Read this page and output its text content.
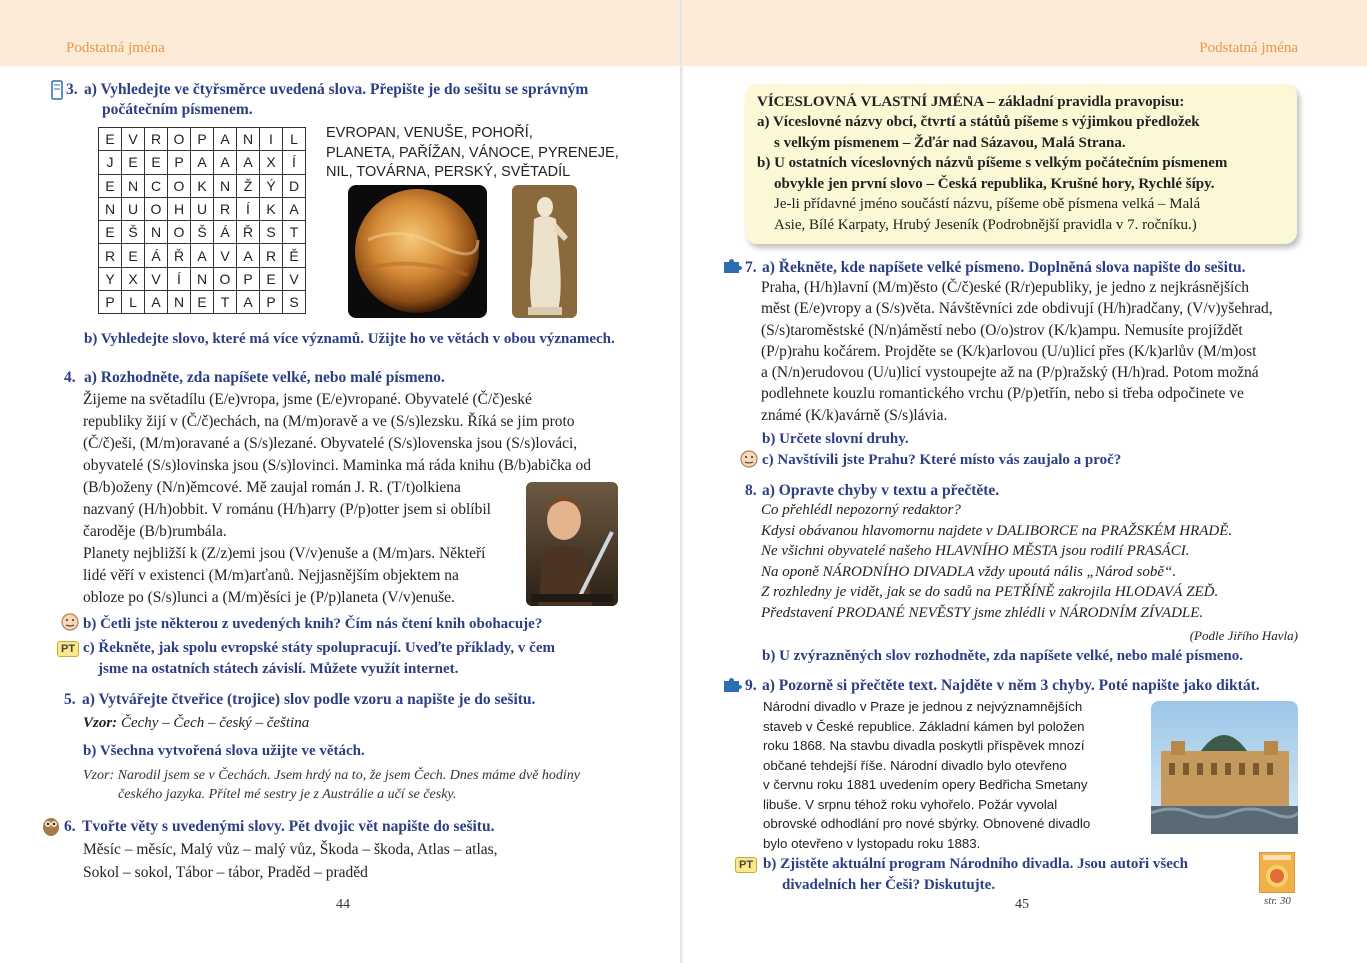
Podstatná jména	Podstatná jména
3. a) Vyhledejte ve čtyřsměrce uvedená slova. Přepište je do sešitu se správným
počátečním písmenem.
E	V	R	O	P	A	N	I	L
J	E	E	P	A	A	A	X	Í
E	N	C	O	K	N	Ž	Ý	D
N	U	O	H	U	R	Í	K	A
E	Š	N	O	Š	Á	Ř	S	T
R	E	Á	Ř	A	V	A	R	Ě
Y	X	V	Í	N	O	P	E	V
P	L	A	N	E	T	A	P	S
EVROPAN, VENUŠE, POHOŘÍ,
PLANETA, PAŘÍŽAN, VÁNOCE, PYRENEJE,
NIL, TOVÁRNA, PERSKÝ, SVĚTADÍL
b) Vyhledejte slovo, které má více významů. Užijte ho ve větách v obou významech.
4. a) Rozhodněte, zda napíšete velké, nebo malé písmeno.
Žijeme na světadílu (E/e)vropa, jsme (E/e)vropané. Obyvatelé (Č/č)eské
republiky žijí v (Č/č)echách, na (M/m)oravě a ve (S/s)lezsku. Říká se jim proto
(Č/č)eši, (M/m)oravané a (S/s)lezané. Obyvatelé (S/s)lovenska jsou (S/s)lováci,
obyvatelé (S/s)lovinska jsou (S/s)lovinci. Maminka má ráda knihu (B/b)abička od
(B/b)oženy (N/n)ěmcové. Mě zaujal román J. R. (T/t)olkiena
nazvaný (H/h)obbit. V románu (H/h)arry (P/p)otter jsem si oblíbil
čaroděje (B/b)rumbála.
Planety nejbližší k (Z/z)emi jsou (V/v)enuše a (M/m)ars. Někteří
lidé věří v existenci (M/m)arťanů. Nejjasnějším objektem na
obloze po (S/s)lunci a (M/m)ěsíci je (P/p)laneta (V/v)enuše.
b) Četli jste některou z uvedených knih? Čím nás čtení knih obohacuje?
PT c) Řekněte, jak spolu evropské státy spolupracují. Uveďte příklady, v čem
jsme na ostatních státech závislí. Můžete využít internet.
5. a) Vytvářejte čtveřice (trojice) slov podle vzoru a napište je do sešitu.
Vzor: Čechy – Čech – český – čeština
b) Všechna vytvořená slova užijte ve větách.
Vzor: Narodil jsem se v Čechách. Jsem hrdý na to, že jsem Čech. Dnes máme dvě hodiny
českého jazyka. Přítel mé sestry je z Austrálie a učí se česky.
6. Tvořte věty s uvedenými slovy. Pět dvojic vět napište do sešitu.
Měsíc – měsíc, Malý vůz – malý vůz, Škoda – škoda, Atlas – atlas,
Sokol – sokol, Tábor – tábor, Praděd – praděd
44
VÍCESLOVNÁ VLASTNÍ JMÉNA – základní pravidla pravopisu:
a) Víceslovné názvy obcí, čtvrtí a státůů píšeme s výjimkou předložek
s velkým písmenem – Žďár nad Sázavou, Malá Strana.
b) U ostatních víceslovných názvů píšeme s velkým počátečním písmenem
obvykle jen první slovo – Česká republika, Krušné hory, Rychlé šípy.
Je-li přídavné jméno součástí názvu, píšeme obě písmena velká – Malá
Asie, Bílé Karpaty, Hrubý Jeseník (Podrobnější pravidla v 7. ročníku.)
7. a) Řekněte, kde napíšete velké písmeno. Doplněná slova napište do sešitu.
Praha, (H/h)lavní (M/m)ěsto (Č/č)eské (R/r)epubliky, je jedno z nejkrásnějších
měst (E/e)vropy a (S/s)věta. Návštěvníci zde obdivují (H/h)radčany, (V/v)yšehrad,
(S/s)taroměstské (N/n)áměstí nebo (O/o)strov (K/k)ampu. Nemusíte projíždět
(P/p)rahu kočárem. Projděte se (K/k)arlovou (U/u)licí přes (K/k)arlův (M/m)ost
a (N/n)erudovou (U/u)licí vystoupejte až na (P/p)ražský (H/h)rad. Potom možná
podlehnete kouzlu romantického vrchu (P/p)etřín, nebo si třeba odpočinete ve
známé (K/k)avárně (S/s)lávia.
b) Určete slovní druhy.
c) Navštívili jste Prahu? Které místo vás zaujalo a proč?
8. a) Opravte chyby v textu a přečtěte.
Co přehlédl nepozorný redaktor?
Kdysi obávanou hlavomornu najdete v DALIBORCE na PRAŽSKÉM HRADĚ.
Ne všichni obyvatelé našeho HLAVNÍHO MĚSTA jsou rodilí PRASÁCI.
Na oponě NÁRODNÍHO DIVADLA vždy upoutá nális „Národ sobě“.
Z rozhledny je vidět, jak se do sadů na PETŘÍNĚ zakrojila HLODAVÁ ZEĎ.
Představení PRODANÉ NEVĚSTY jsme zhlédli v NÁRODNÍM ZÍVADLE.
(Podle Jiřího Havla)
b) U zvýrazněných slov rozhodněte, zda napíšete velké, nebo malé písmeno.
9. a) Pozorně si přečtěte text. Najděte v něm 3 chyby. Poté napište jako diktát.
Národní divadlo v Praze je jednou z nejvýznamnějších
staveb v České republice. Základní kámen byl položen
roku 1868. Na stavbu divadla poskytli příspěvek mnozí
občané tehdejší říše. Národní divadlo bylo otevřeno
v červnu roku 1881 uvedením opery Bedřicha Smetany
libuše. V srpnu téhož roku vyhořelo. Požár vyvolal
obrovské odhodlání pro nové sbýrky. Obnovené divadlo
bylo otevřeno v lystopadu roku 1883.
PT b) Zjistěte aktuální program Národního divadla. Jsou autoři všech
divadelních her Češi? Diskutujte.
str. 30
45
